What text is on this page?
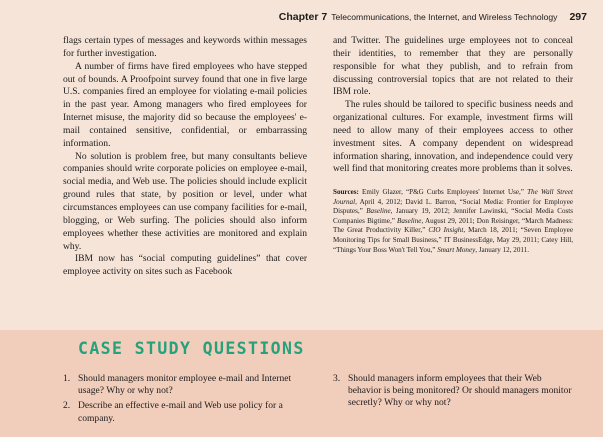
Chapter 7 Telecommunications, the Internet, and Wireless Technology 297

flags certain types of messages and keywords within messages for further investigation.

A number of firms have fired employees who have stepped out of bounds. A Proofpoint survey found that one in five large U.S. companies fired an employee for violating e-mail policies in the past year. Among managers who fired employees for Internet misuse, the majority did so because the employees' e-mail contained sensitive, confidential, or embarrassing information.

No solution is problem free, but many consultants believe companies should write corporate policies on employee e-mail, social media, and Web use. The policies should include explicit ground rules that state, by position or level, under what circumstances employees can use company facilities for e-mail, blogging, or Web surfing. The policies should also inform employees whether these activities are monitored and explain why.

IBM now has “social computing guidelines” that cover employee activity on sites such as Facebook

and Twitter. The guidelines urge employees not to conceal their identities, to remember that they are personally responsible for what they publish, and to refrain from discussing controversial topics that are not related to their IBM role.

The rules should be tailored to specific business needs and organizational cultures. For example, investment firms will need to allow many of their employees access to other investment sites. A company dependent on widespread information sharing, innovation, and independence could very well find that monitoring creates more problems than it solves.

Sources: Emily Glazer, “P&G Curbs Employees' Internet Use,” The Wall Street Journal, April 4, 2012; David L. Barron, “Social Media: Frontier for Employee Disputes,” Baseline, January 19, 2012; Jennifer Lawinski, “Social Media Costs Companies Bigtime,” Baseline, August 29, 2011; Don Reisinger, “March Madness: The Great Productivity Killer,” CIO Insight, March 18, 2011; “Seven Employee Monitoring Tips for Small Business,” IT BusinessEdge, May 29, 2011; Catey Hill, “Things Your Boss Won't Tell You,” Smart Money, January 12, 2011.

CASE STUDY QUESTIONS
1. Should managers monitor employee e-mail and Internet usage? Why or why not?
2. Describe an effective e-mail and Web use policy for a company.
3. Should managers inform employees that their Web behavior is being monitored? Or should managers monitor secretly? Why or why not?
